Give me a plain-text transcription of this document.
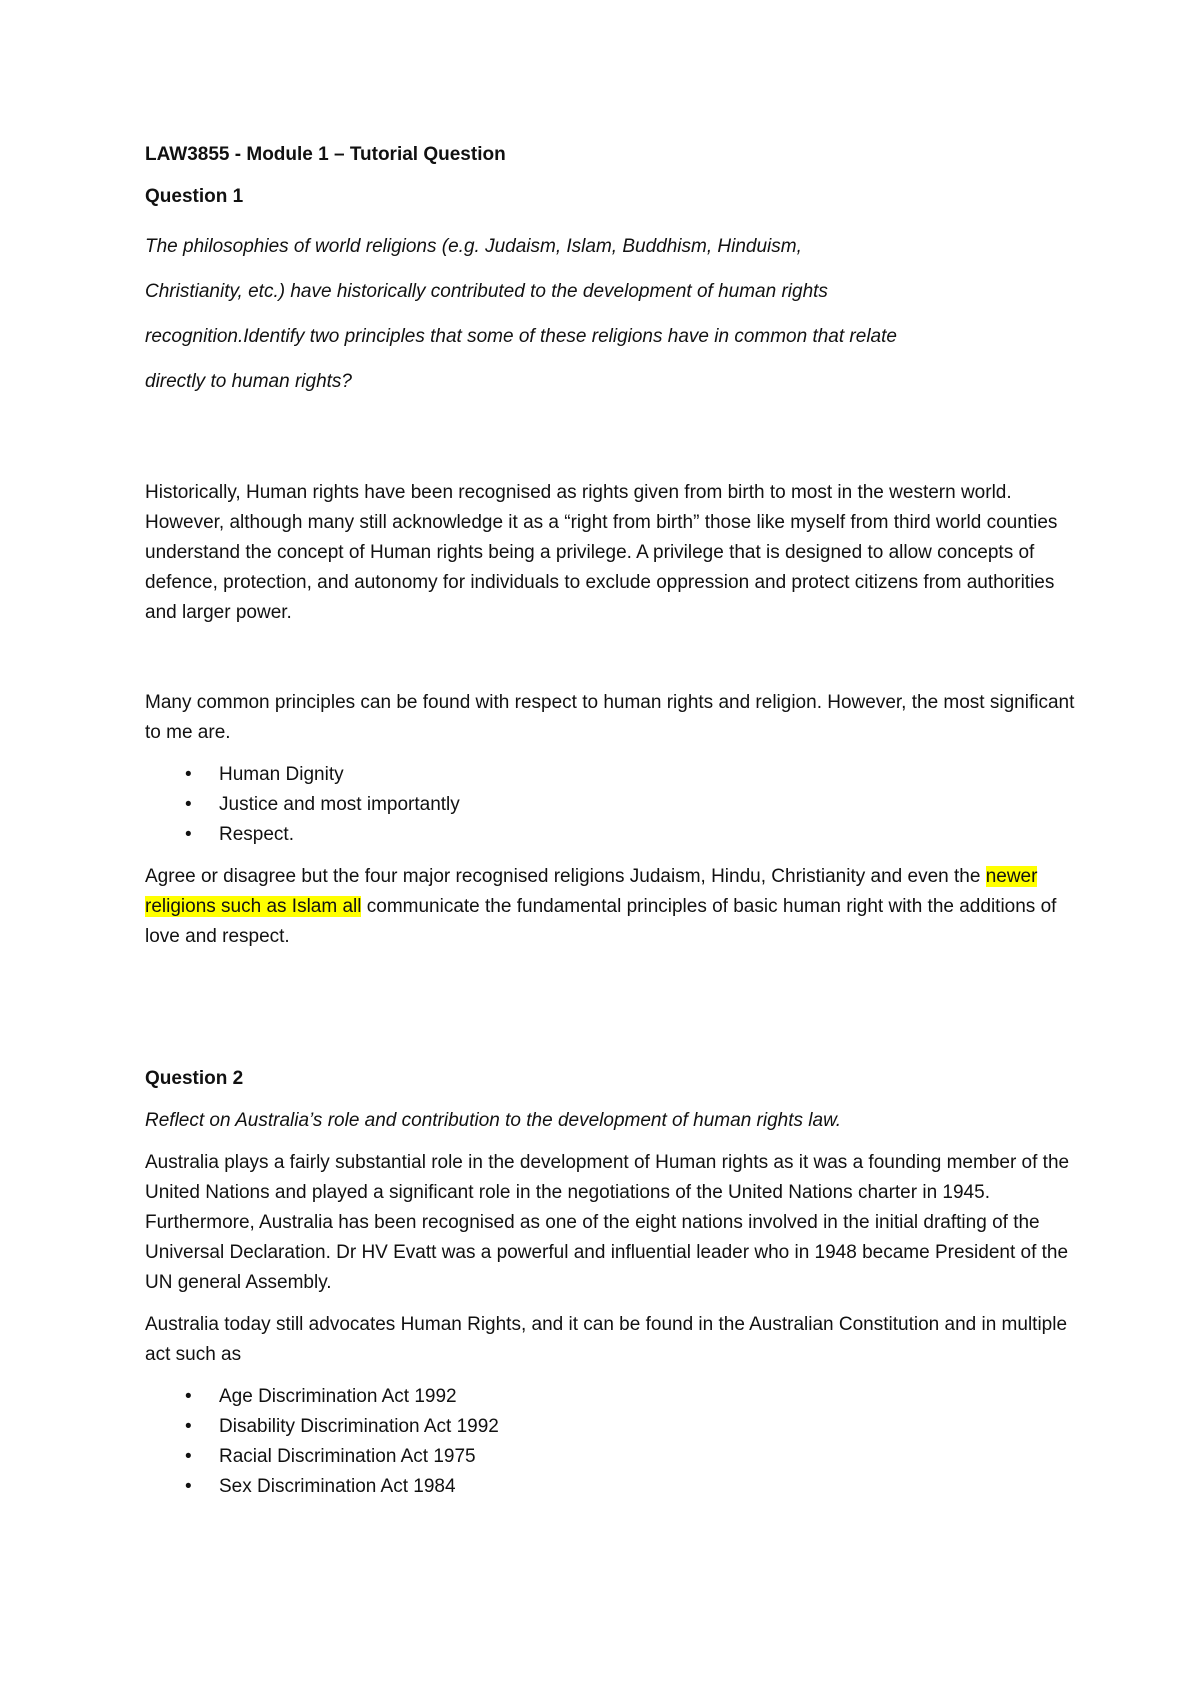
LAW3855 - Module 1 – Tutorial Question
Question 1
The philosophies of world religions (e.g. Judaism, Islam, Buddhism, Hinduism,
Christianity, etc.) have historically contributed to the development of human rights
recognition.Identify two principles that some of these religions have in common that relate
directly to human rights?

Historically, Human rights have been recognised as rights given from birth to most in the western world. However, although many still acknowledge it as a “right from birth” those like myself from third world counties understand the concept of Human rights being a privilege. A privilege that is designed to allow concepts of defence, protection, and autonomy for individuals to exclude oppression and protect citizens from authorities and larger power.

Many common principles can be found with respect to human rights and religion. However, the most significant to me are.

• Human Dignity
• Justice and most importantly
• Respect.

Agree or disagree but the four major recognised religions Judaism, Hindu, Christianity and even the newer religions such as Islam all communicate the fundamental principles of basic human right with the additions of love and respect.

Question 2
Reflect on Australia’s role and contribution to the development of human rights law.

Australia plays a fairly substantial role in the development of Human rights as it was a founding member of the United Nations and played a significant role in the negotiations of the United Nations charter in 1945. Furthermore, Australia has been recognised as one of the eight nations involved in the initial drafting of the Universal Declaration. Dr HV Evatt was a powerful and influential leader who in 1948 became President of the UN general Assembly.

Australia today still advocates Human Rights, and it can be found in the Australian Constitution and in multiple act such as

• Age Discrimination Act 1992
• Disability Discrimination Act 1992
• Racial Discrimination Act 1975
• Sex Discrimination Act 1984
